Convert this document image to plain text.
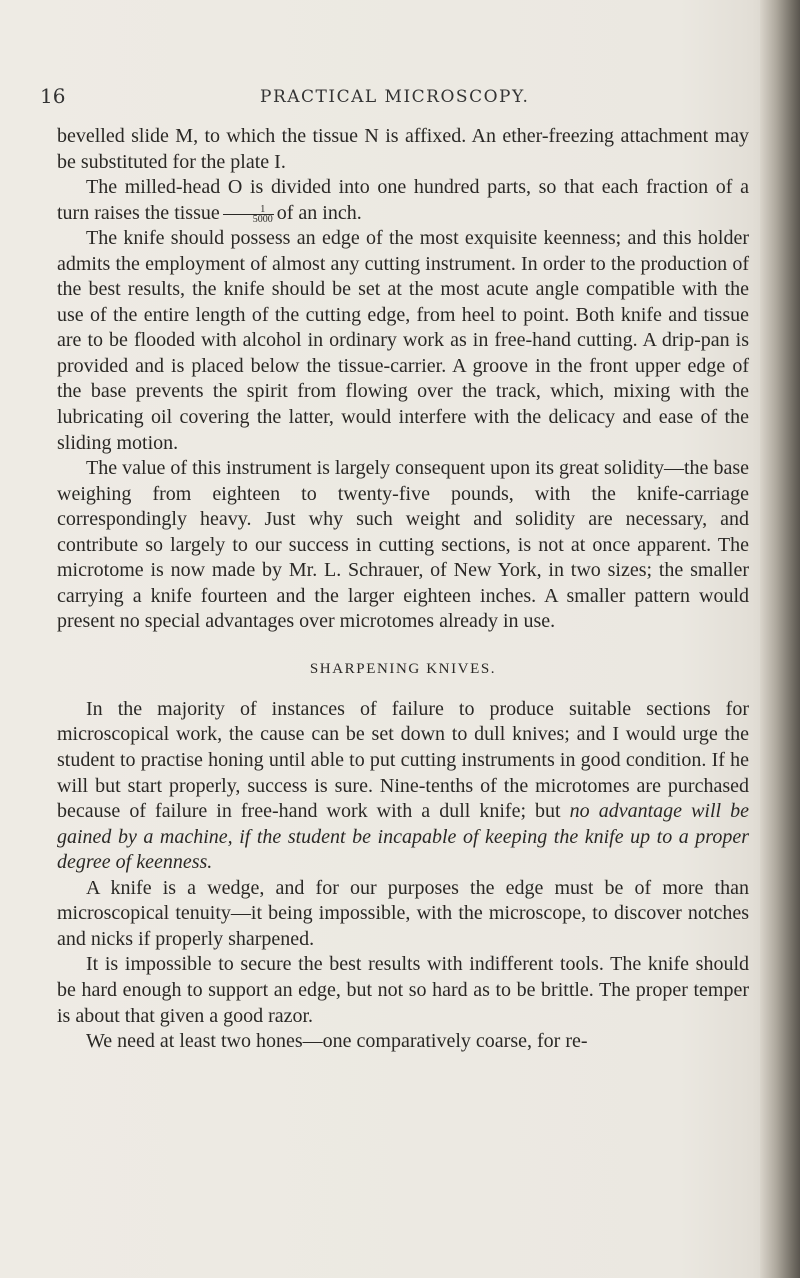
16	PRACTICAL MICROSCOPY.

bevelled slide M, to which the tissue N is affixed. An ether-freezing attachment may be substituted for the plate I.

The milled-head O is divided into one hundred parts, so that each fraction of a turn raises the tissue $\frac{1}{5000}$ of an inch.

The knife should possess an edge of the most exquisite keenness; and this holder admits the employment of almost any cutting instrument. In order to the production of the best results, the knife should be set at the most acute angle compatible with the use of the entire length of the cutting edge, from heel to point. Both knife and tissue are to be flooded with alcohol in ordinary work as in free-hand cutting. A drip-pan is provided and is placed below the tissue-carrier. A groove in the front upper edge of the base prevents the spirit from flowing over the track, which, mixing with the lubricating oil covering the latter, would interfere with the delicacy and ease of the sliding motion.

The value of this instrument is largely consequent upon its great solidity—the base weighing from eighteen to twenty-five pounds, with the knife-carriage correspondingly heavy. Just why such weight and solidity are necessary, and contribute so largely to our success in cutting sections, is not at once apparent. The microtome is now made by Mr. L. Schrauer, of New York, in two sizes; the smaller carrying a knife fourteen and the larger eighteen inches. A smaller pattern would present no special advantages over microtomes already in use.

SHARPENING KNIVES.

In the majority of instances of failure to produce suitable sections for microscopical work, the cause can be set down to dull knives; and I would urge the student to practise honing until able to put cutting instruments in good condition. If he will but start properly, success is sure. Nine-tenths of the microtomes are purchased because of failure in free-hand work with a dull knife; but no advantage will be gained by a machine, if the student be incapable of keeping the knife up to a proper degree of keenness.

A knife is a wedge, and for our purposes the edge must be of more than microscopical tenuity—it being impossible, with the microscope, to discover notches and nicks if properly sharpened.

It is impossible to secure the best results with indifferent tools. The knife should be hard enough to support an edge, but not so hard as to be brittle. The proper temper is about that given a good razor.

We need at least two hones—one comparatively coarse, for re-
